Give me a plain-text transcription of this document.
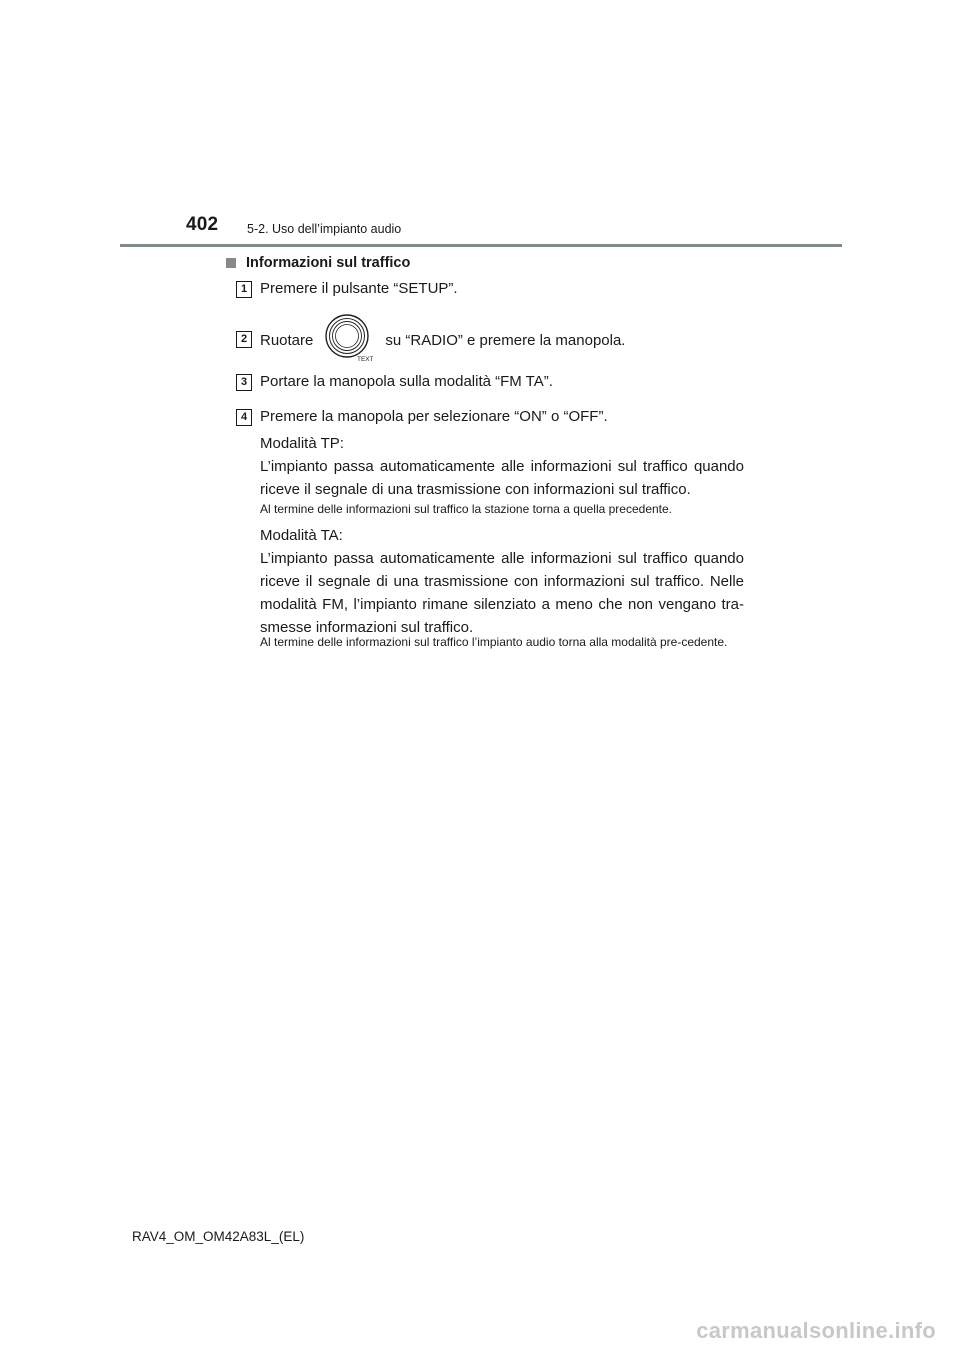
402 5-2. Uso dell’impianto audio
Informazioni sul traffico
1 Premere il pulsante “SETUP”.
2 Ruotare
TEXT
su “RADIO” e premere la manopola.
3 Portare la manopola sulla modalità “FM TA”.
4 Premere la manopola per selezionare “ON” o “OFF”.
Modalità TP:
L’impianto passa automaticamente alle informazioni sul traffico quando riceve il segnale di una trasmissione con informazioni sul traffico.
Al termine delle informazioni sul traffico la stazione torna a quella precedente.
Modalità TA:
L’impianto passa automaticamente alle informazioni sul traffico quando riceve il segnale di una trasmissione con informazioni sul traffico. Nelle modalità FM, l’impianto rimane silenziato a meno che non vengano tra-smesse informazioni sul traffico.
Al termine delle informazioni sul traffico l’impianto audio torna alla modalità pre-cedente.
RAV4_OM_OM42A83L_(EL)
carmanualsonline.info
